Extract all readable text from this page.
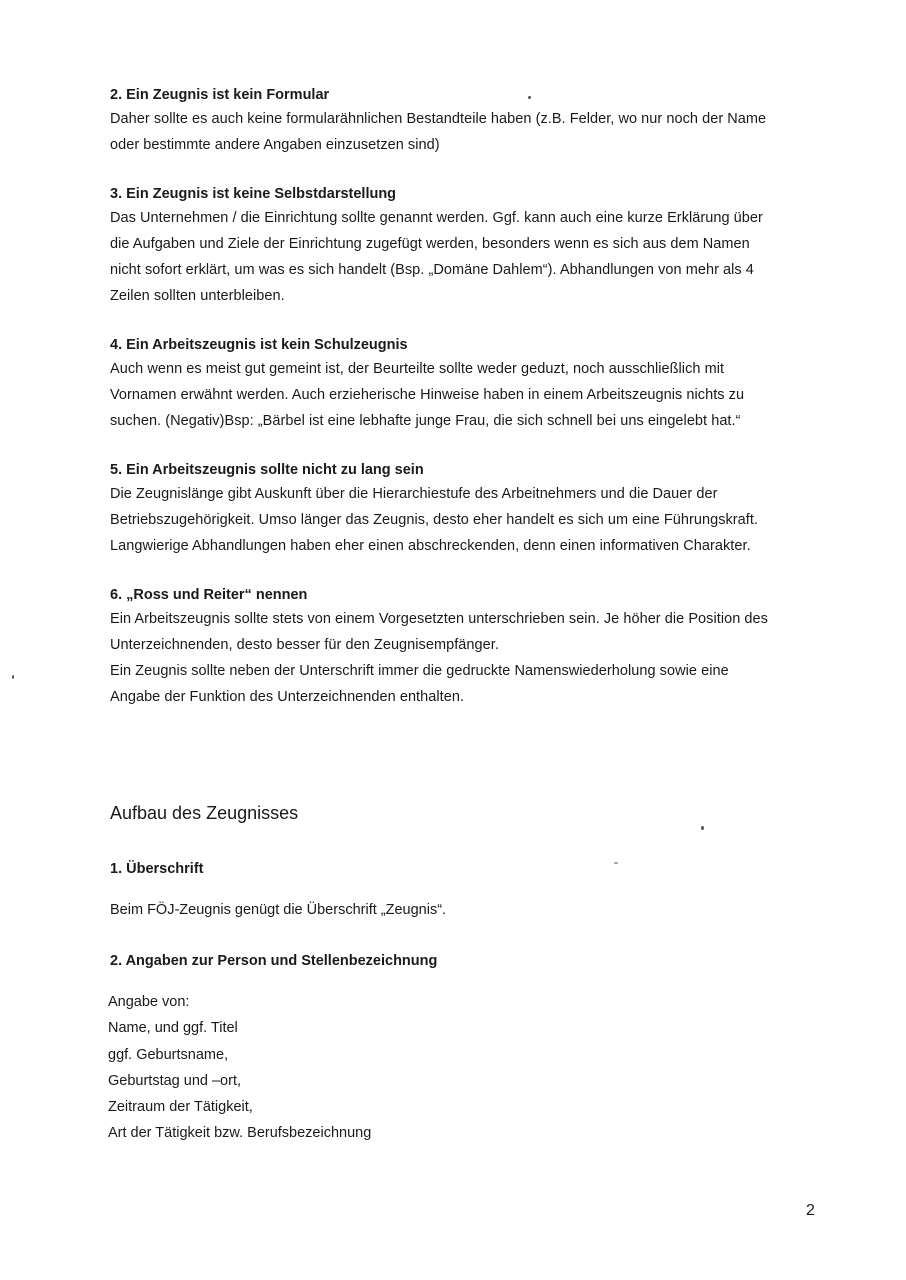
2. Ein Zeugnis ist kein Formular

Daher sollte es auch keine formularähnlichen Bestandteile haben (z.B. Felder, wo nur noch der Name
oder bestimmte andere Angaben einzusetzen sind)

3. Ein Zeugnis ist keine Selbstdarstellung

Das Unternehmen / die Einrichtung sollte genannt werden. Ggf. kann auch eine kurze Erklärung über
die Aufgaben und Ziele der Einrichtung zugefügt werden, besonders wenn es sich aus dem Namen
nicht sofort erklärt, um was es sich handelt (Bsp. „Domäne Dahlem“). Abhandlungen von mehr als 4
Zeilen sollten unterbleiben.

4. Ein Arbeitszeugnis ist kein Schulzeugnis

Auch wenn es meist gut gemeint ist, der Beurteilte sollte weder geduzt, noch ausschließlich mit
Vornamen erwähnt werden. Auch erzieherische Hinweise haben in einem Arbeitszeugnis nichts zu
suchen. (Negativ)Bsp: „Bärbel ist eine lebhafte junge Frau, die sich schnell bei uns eingelebt hat.“

5. Ein Arbeitszeugnis sollte nicht zu lang sein

Die Zeugnislänge gibt Auskunft über die Hierarchiestufe des Arbeitnehmers und die Dauer der
Betriebszugehörigkeit. Umso länger das Zeugnis, desto eher handelt es sich um eine Führungskraft.
Langwierige Abhandlungen haben eher einen abschreckenden, denn einen informativen Charakter.

6. „Ross und Reiter“ nennen

Ein Arbeitszeugnis sollte stets von einem Vorgesetzten unterschrieben sein. Je höher die Position des
Unterzeichnenden, desto besser für den Zeugnisempfänger.
Ein Zeugnis sollte neben der Unterschrift immer die gedruckte Namenswiederholung sowie eine
Angabe der Funktion des Unterzeichnenden enthalten.

Aufbau des Zeugnisses

1. Überschrift

Beim FÖJ-Zeugnis genügt die Überschrift „Zeugnis“.

2. Angaben zur Person und Stellenbezeichnung

Angabe von:
Name, und ggf. Titel
ggf. Geburtsname,
Geburtstag und –ort,
Zeitraum der Tätigkeit,
Art der Tätigkeit bzw. Berufsbezeichnung
2
